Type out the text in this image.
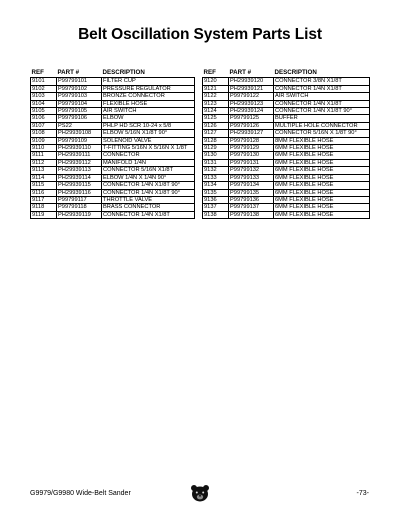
Belt Oscillation System Parts List
REF	PART #	DESCRIPTION
9101	P99799101	FILTER CUP
9102	P99799102	PRESSURE REGULATOR
9103	P99799103	BRONZE CONNECTOR
9104	P99799104	FLEXIBLE HOSE
9105	P99799105	AIR SWITCH
9106	P99799106	ELBOW
9107	PS22	PHLP HD SCR 10-24 x 5/8
9108	PH29939108	ELBOW 5/16N X1/8T 90°
9109	P99799109	SOLENOID VALVE
9110	PH29939110	T-FITTING 5/16N X 5/16N X 1/8T
9111	PH29939111	CONNECTOR
9112	PH29939112	MANIFOLD 1/4N
9113	PH29939113	CONNECTOR 5/16N X1/8T
9114	PH29939114	ELBOW 1/4N X 1/4N 90°
9115	PH29939115	CONNECTOR 1/4N X1/8T 90°
9116	PH29939116	CONNECTOR 1/4N X1/8T 90°
9117	P99799117	THROTTLE VALVE
9118	P99799118	BRASS CONNECTOR
9119	PH29939119	CONNECTOR 1/4N X1/8T
REF	PART #	DESCRIPTION
9120	PH29939120	CONNECTOR 3/8N X1/8T
9121	PH29939121	CONNECTOR 1/4N X1/8T
9122	P99799122	AIR SWITCH
9123	PH29939123	CONNECTOR 1/4N X1/8T
9124	PH29939124	CONNECTOR 1/4N X1/8T 90°
9125	P99799125	BUFFER
9126	P99799126	MULTIPLE HOLE CONNECTOR
9127	PH29939127	CONNECTOR 5/16N X 1/8T 90°
9128	P99799128	8MM FLEXIBLE HOSE
9129	P99799129	6MM FLEXIBLE HOSE
9130	P99799130	6MM FLEXIBLE HOSE
9131	P99799131	6MM FLEXIBLE HOSE
9132	P99799132	6MM FLEXIBLE HOSE
9133	P99799133	6MM FLEXIBLE HOSE
9134	P99799134	6MM FLEXIBLE HOSE
9135	P99799135	6MM FLEXIBLE HOSE
9136	P99799136	6MM FLEXIBLE HOSE
9137	P99799137	6MM FLEXIBLE HOSE
9138	P99799138	6MM FLEXIBLE HOSE
G9979/G9980 Wide-Belt Sander	-73-
